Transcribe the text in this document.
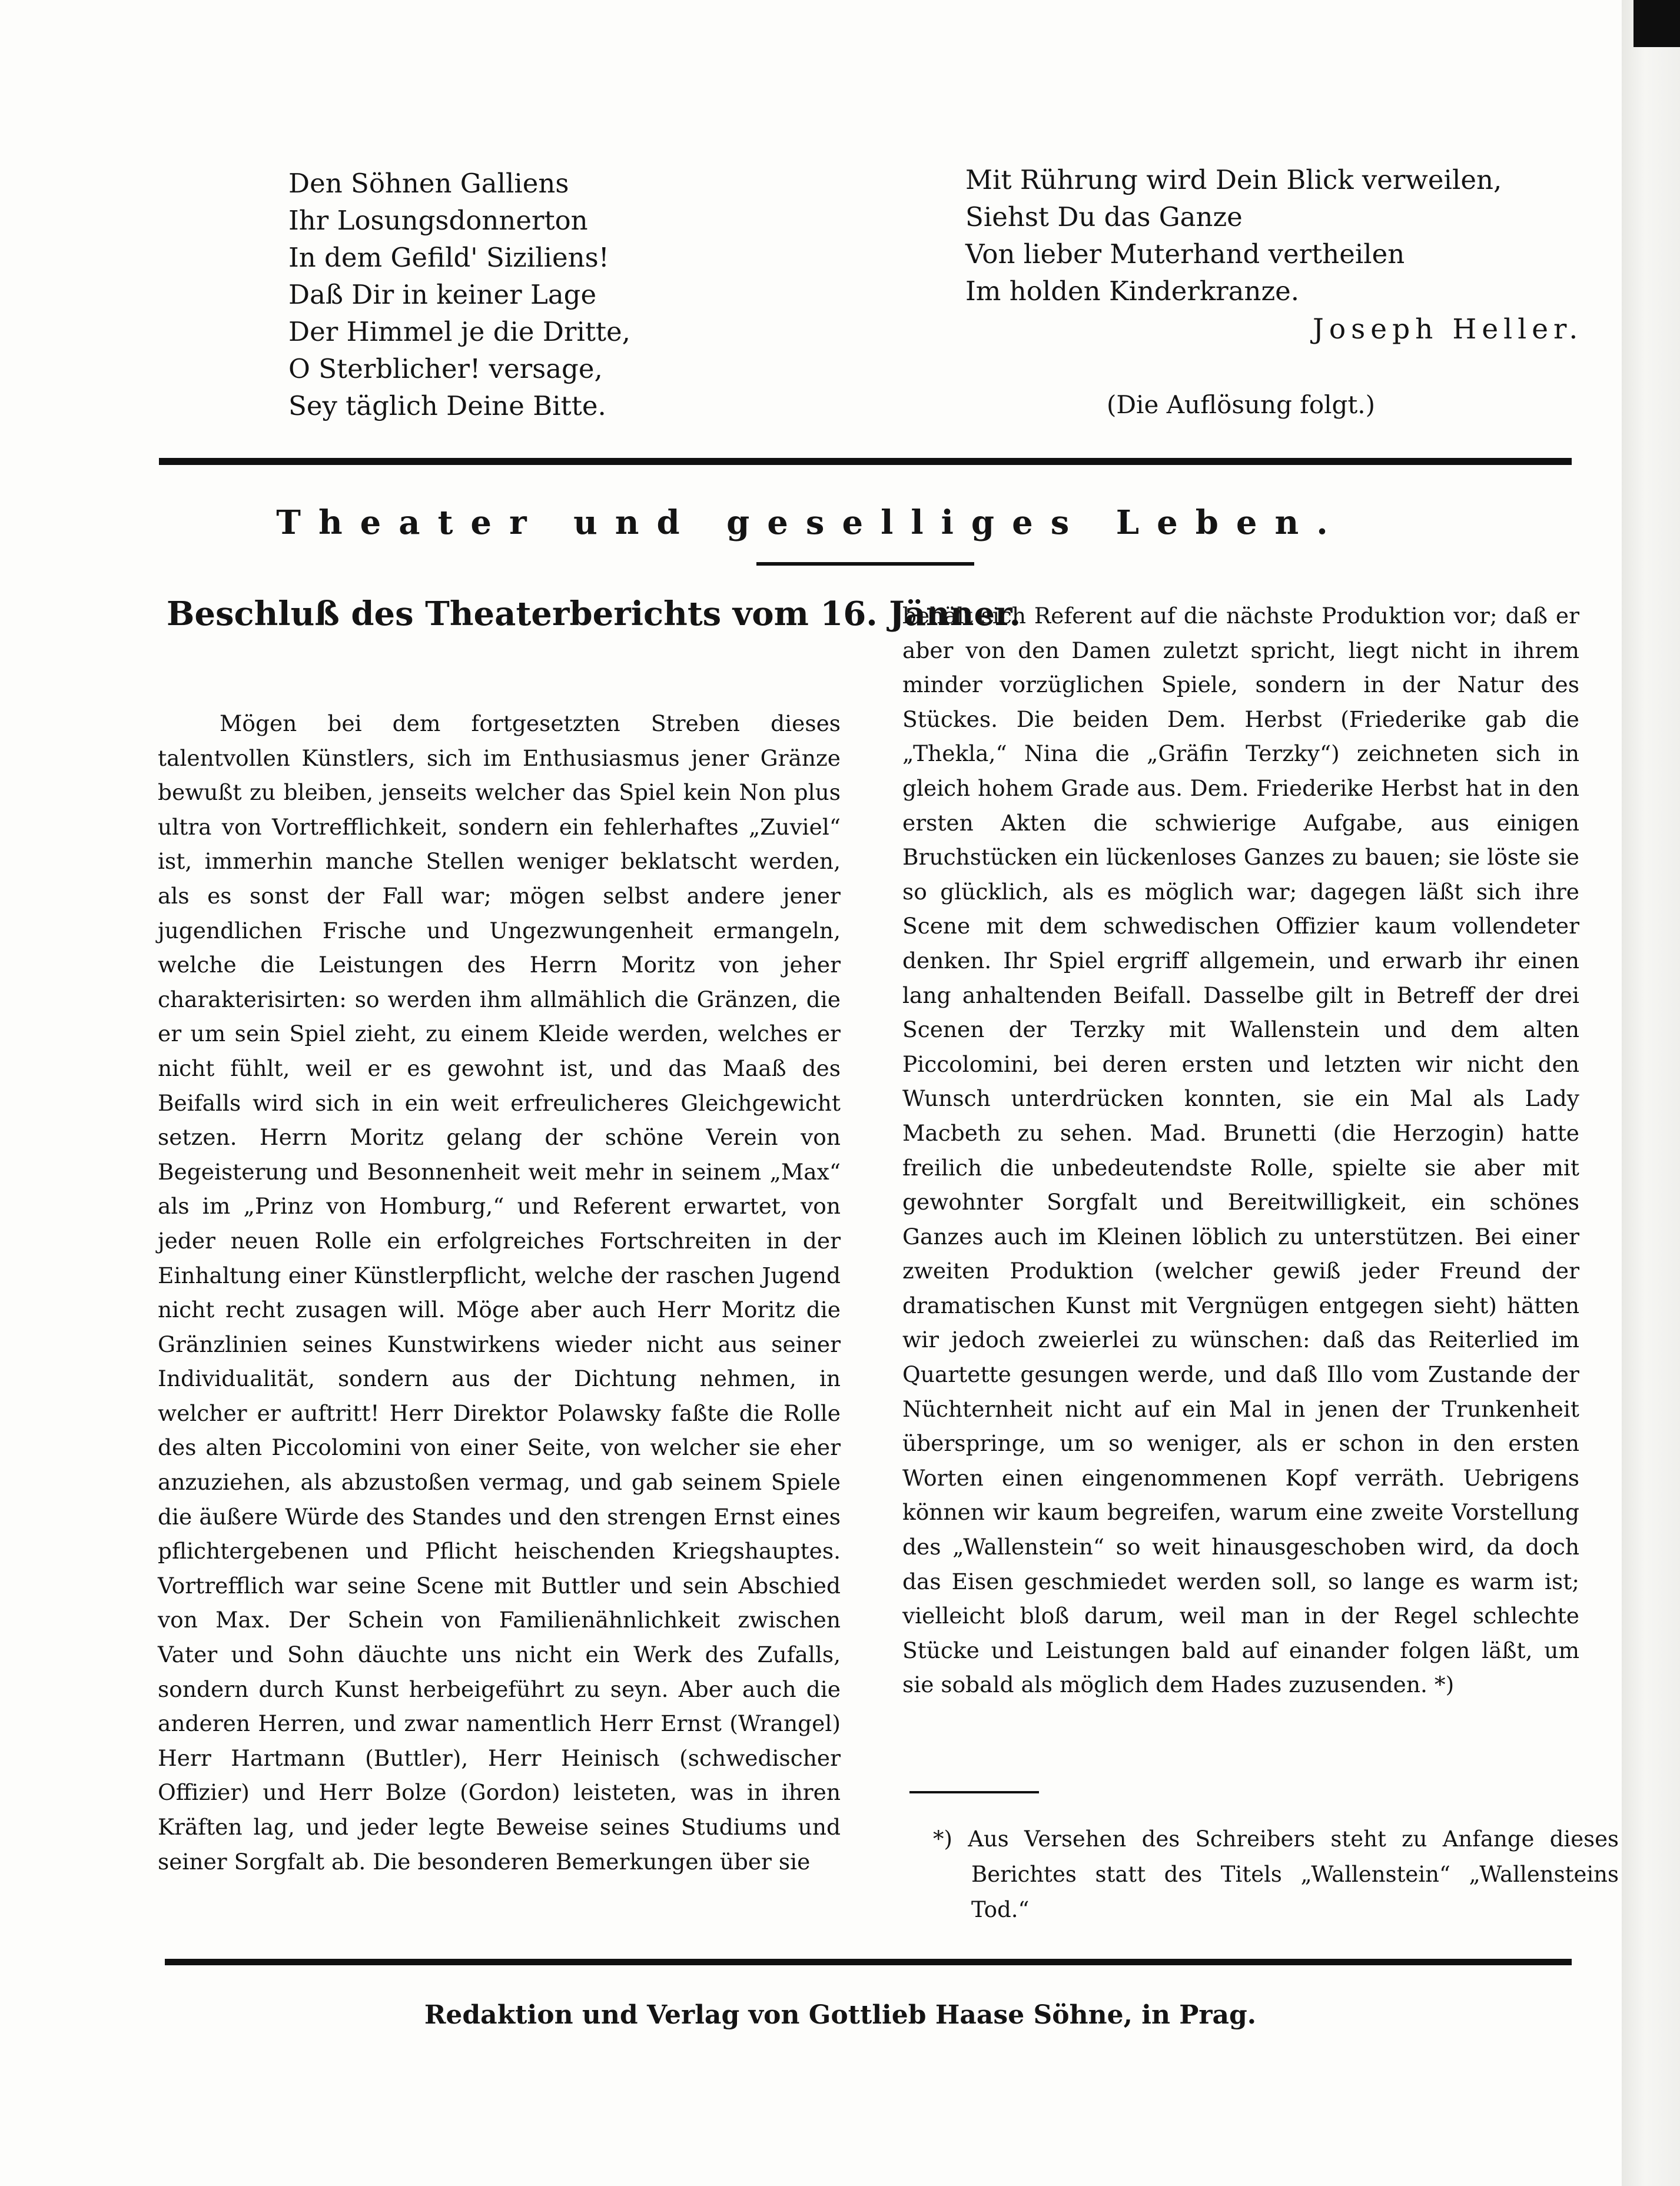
Den Söhnen Galliens
Ihr Losungsdonnerton
In dem Gefild' Siziliens!
Daß Dir in keiner Lage
Der Himmel je die Dritte,
O Sterblicher! versage,
Sey täglich Deine Bitte.
Mit Rührung wird Dein Blick verweilen,
Siehst Du das Ganze
Von lieber Muterhand vertheilen
Im holden Kinderkranze.
Joseph Heller.
(Die Auflösung folgt.)
Theater und geselliges Leben.
Beschluß des Theaterberichts vom 16. Jänner.

Mögen bei dem fortgesetzten Streben dieses talentvollen Künstlers, sich im Enthusiasmus jener Gränze bewußt zu bleiben, jenseits welcher das Spiel kein Non plus ultra von Vortrefflichkeit, sondern ein fehlerhaftes „Zuviel“ ist, immerhin manche Stellen weniger beklatscht werden, als es sonst der Fall war; mögen selbst andere jener jugendlichen Frische und Ungezwungenheit ermangeln, welche die Leistungen des Herrn Moritz von jeher charakterisirten: so werden ihm allmählich die Gränzen, die er um sein Spiel zieht, zu einem Kleide werden, welches er nicht fühlt, weil er es gewohnt ist, und das Maaß des Beifalls wird sich in ein weit erfreulicheres Gleichgewicht setzen. Herrn Moritz gelang der schöne Verein von Begeisterung und Besonnenheit weit mehr in seinem „Max“ als im „Prinz von Homburg,“ und Referent erwartet, von jeder neuen Rolle ein erfolgreiches Fortschreiten in der Einhaltung einer Künstlerpflicht, welche der raschen Jugend nicht recht zusagen will. Möge aber auch Herr Moritz die Gränzlinien seines Kunstwirkens wieder nicht aus seiner Individualität, sondern aus der Dichtung nehmen, in welcher er auftritt! Herr Direktor Polawsky faßte die Rolle des alten Piccolomini von einer Seite, von welcher sie eher anzuziehen, als abzustoßen vermag, und gab seinem Spiele die äußere Würde des Standes und den strengen Ernst eines pflichtergebenen und Pflicht heischenden Kriegshauptes. Vortrefflich war seine Scene mit Buttler und sein Abschied von Max. Der Schein von Familienähnlichkeit zwischen Vater und Sohn däuchte uns nicht ein Werk des Zufalls, sondern durch Kunst herbeigeführt zu seyn. Aber auch die anderen Herren, und zwar namentlich Herr Ernst (Wrangel) Herr Hartmann (Buttler), Herr Heinisch (schwedischer Offizier) und Herr Bolze (Gordon) leisteten, was in ihren Kräften lag, und jeder legte Beweise seines Studiums und seiner Sorgfalt ab. Die besonderen Bemerkungen über sie

behält sich Referent auf die nächste Produktion vor; daß er aber von den Damen zuletzt spricht, liegt nicht in ihrem minder vorzüglichen Spiele, sondern in der Natur des Stückes. Die beiden Dem. Herbst (Friederike gab die „Thekla,“ Nina die „Gräfin Terzky“) zeichneten sich in gleich hohem Grade aus. Dem. Friederike Herbst hat in den ersten Akten die schwierige Aufgabe, aus einigen Bruchstücken ein lückenloses Ganzes zu bauen; sie löste sie so glücklich, als es möglich war; dagegen läßt sich ihre Scene mit dem schwedischen Offizier kaum vollendeter denken. Ihr Spiel ergriff allgemein, und erwarb ihr einen lang anhaltenden Beifall. Dasselbe gilt in Betreff der drei Scenen der Terzky mit Wallenstein und dem alten Piccolomini, bei deren ersten und letzten wir nicht den Wunsch unterdrücken konnten, sie ein Mal als Lady Macbeth zu sehen. Mad. Brunetti (die Herzogin) hatte freilich die unbedeutendste Rolle, spielte sie aber mit gewohnter Sorgfalt und Bereitwilligkeit, ein schönes Ganzes auch im Kleinen löblich zu unterstützen. Bei einer zweiten Produktion (welcher gewiß jeder Freund der dramatischen Kunst mit Vergnügen entgegen sieht) hätten wir jedoch zweierlei zu wünschen: daß das Reiterlied im Quartette gesungen werde, und daß Illo vom Zustande der Nüchternheit nicht auf ein Mal in jenen der Trunkenheit überspringe, um so weniger, als er schon in den ersten Worten einen eingenommenen Kopf verräth. Uebrigens können wir kaum begreifen, warum eine zweite Vorstellung des „Wallenstein“ so weit hinausgeschoben wird, da doch das Eisen geschmiedet werden soll, so lange es warm ist; vielleicht bloß darum, weil man in der Regel schlechte Stücke und Leistungen bald auf einander folgen läßt, um sie sobald als möglich dem Hades zuzusenden. *)

*) Aus Versehen des Schreibers steht zu Anfange dieses Berichtes statt des Titels „Wallenstein“ „Wallensteins Tod.“
Redaktion und Verlag von Gottlieb Haase Söhne, in Prag.
